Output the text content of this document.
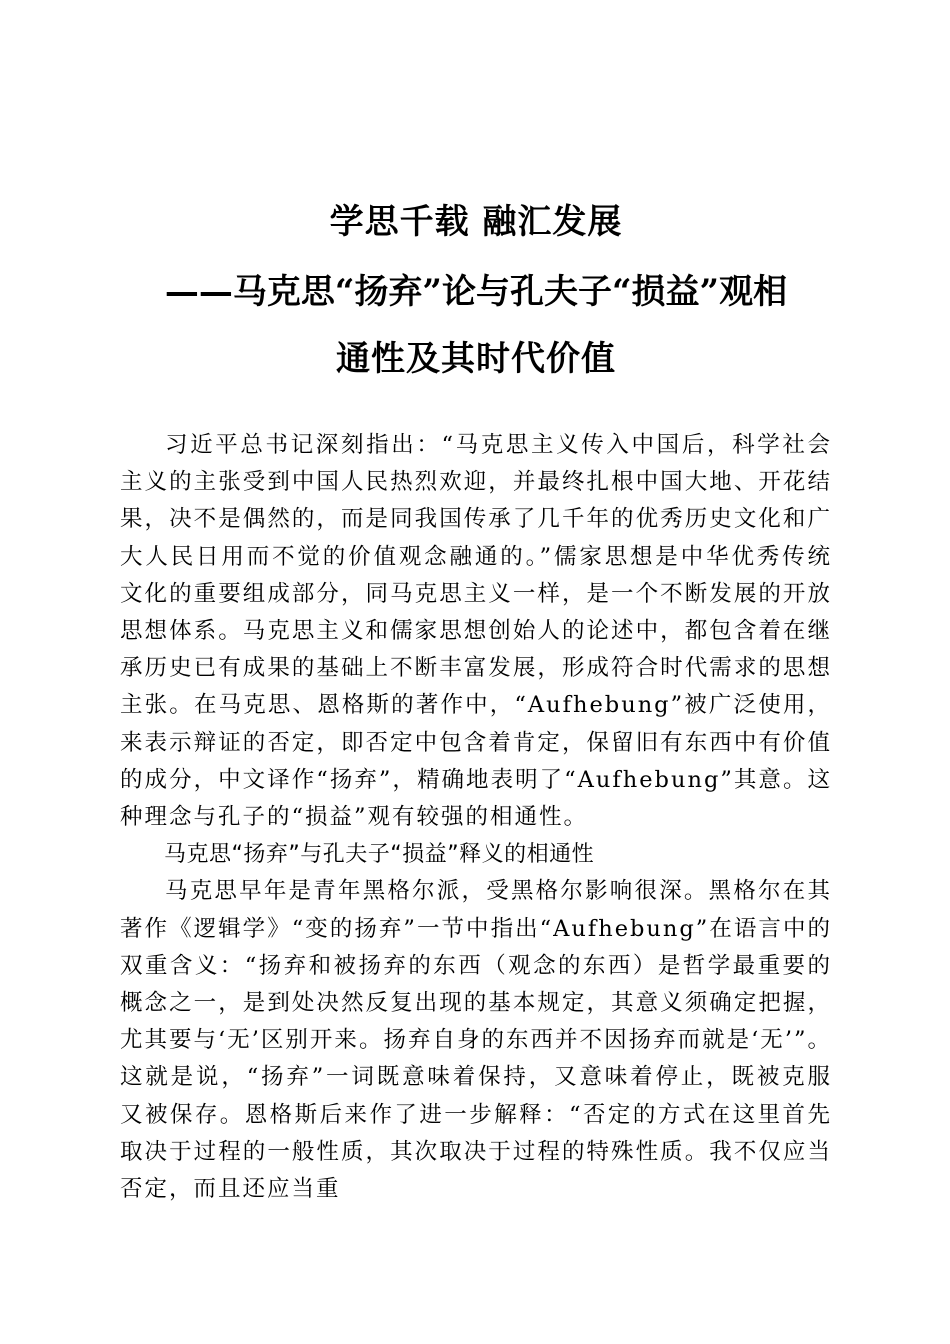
学思千载 融汇发展
——马克思“扬弃”论与孔夫子“损益”观相
通性及其时代价值

习近平总书记深刻指出：“马克思主义传入中国后，科学社会主义的主张受到中国人民热烈欢迎，并最终扎根中国大地、开花结果，决不是偶然的，而是同我国传承了几千年的优秀历史文化和广大人民日用而不觉的价值观念融通的。”儒家思想是中华优秀传统文化的重要组成部分，同马克思主义一样，是一个不断发展的开放思想体系。马克思主义和儒家思想创始人的论述中，都包含着在继承历史已有成果的基础上不断丰富发展，形成符合时代需求的思想主张。在马克思、恩格斯的著作中，“Aufhebung”被广泛使用，来表示辩证的否定，即否定中包含着肯定，保留旧有东西中有价值的成分，中文译作“扬弃”，精确地表明了“Aufhebung”其意。这种理念与孔子的“损益”观有较强的相通性。

马克思“扬弃”与孔夫子“损益”释义的相通性

马克思早年是青年黑格尔派，受黑格尔影响很深。黑格尔在其著作《逻辑学》“变的扬弃”一节中指出“Aufhebung”在语言中的双重含义：“扬弃和被扬弃的东西（观念的东西）是哲学最重要的概念之一，是到处决然反复出现的基本规定，其意义须确定把握，尤其要与‘无’区别开来。扬弃自身的东西并不因扬弃而就是‘无’”。这就是说，“扬弃”一词既意味着保持，又意味着停止，既被克服又被保存。恩格斯后来作了进一步解释：“否定的方式在这里首先取决于过程的一般性质，其次取决于过程的特殊性质。我不仅应当否定，而且还应当重
